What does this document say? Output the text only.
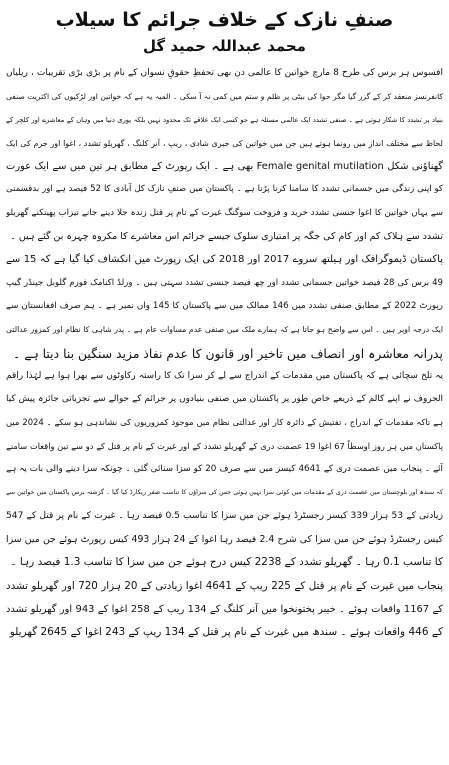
صنفِ نازک کے خلاف جرائم کا سیلاب
محمد عبداللہ حمید گل
افسوس ہر برس کی طرح 8 مارچ خواتین کا عالمی دن بھی تحفظِ حقوقِ نسواں کے نام پر بڑی بڑی تقریبات ، ریلیاں
کانفرنسز منعقد کر کے گزر گیا مگر حوا کی بیٹی پر ظلم و ستم میں کمی نہ آ سکی ۔ المیہ یہ ہے کہ خواتین اور لڑکیوں کی اکثریت صنفی
بنیاد پر تشدد کا شکار ہوتی ہے ۔ صنفی تشدد ایک عالمی مسئلہ ہے جو کسی ایک علاقے تک محدود نہیں بلکہ پوری دنیا میں وہاں کے معاشرے اور کلچر کے
لحاظ سے مختلف انداز میں رونما ہوتے ہیں جن میں خواتین کی جبری شادی ، ریپ ، آنر کلنگ ، گھریلو تشدد ، اغوا اور جرم کی ایک
گھناؤنی شکل Female genital mutilation بھی ہے ۔ ایک رپورٹ کے مطابق ہر تین میں سے ایک عورت
کو اپنی زندگی میں جسمانی تشدد کا سامنا کرنا پڑتا ہے ۔ پاکستان میں صنفِ نازک کل آبادی کا 52 فیصد ہے اور بدقسمتی
سے یہاں خواتین کا اغوا جنسی تشدد خرید و فروخت سوگنگ غیرت کے نام پر قتل زندہ جلا دینے جانے تیزاب پھینکنے گھریلو
تشدد سے ہلاک کم اور کام کی جگہ پر امتیازی سلوک جیسے جرائم اس معاشرے کا مکروہ چہرہ بن گئے ہیں ۔
پاکستان ڈیموگرافک اور ہیلتھ سروے 2017 اور 2018 کی ایک رپورٹ میں انکشاف کیا گیا ہے کہ 15 سے
49 برس کی 28 فیصد خواتین جسمانی تشدد اور چھ فیصد جنسی تشدد سہتی ہیں ۔ ورلڈ اکنامک فورم گلوبل جینڈر گیپ
رپورٹ 2022 کے مطابق صنفی تشدد میں 146 ممالک میں سے پاکستان کا 145 واں نمبر ہے ۔ ہم صرف افغانستان سے
ایک درجہ اوپر ہیں ۔ اس سے واضح ہو جاتا ہے کہ ہمارے ملک میں صنفی عدم مساوات عام ہے ۔ پدر شاہی کا نظام اور کمزور عدالتی
پدرانہ معاشرہ اور انصاف میں تاخیر اور قانون کا عدم نفاذ مزید سنگین بنا دیتا ہے ۔
یہ تلخ سچائی ہے کہ پاکستان میں مقدمات کے اندراج سے لے کر سزا تک کا راستہ رکاوٹوں سے بھرا ہوا ہے لہٰذا راقم
الحروف نے اپنے کالم کے ذریعے خاص طور پر پاکستان میں صنفی بنیادوں پر جرائم کے حوالے سے تجزیاتی جائزہ پیش کیا
ہے تاکہ مقدمات کے اندراج ، تفتیش کے دائرہ کار اور عدالتی نظام میں موجود کمزوریوں کی نشاندہی ہو سکے ۔ 2024 میں
پاکستان میں ہر روز اوسطاً 67 اغوا 19 عصمت دری کے گھریلو تشدد کے اور غیرت کے نام پر قتل کے دو سے تین واقعات سامنے
آئے ۔ پنجاب میں عصمت دری کے 4641 کیسز میں سے صرف 20 کو سزا سنائی گئی ۔ چونکہ سزا دینے والی بات یہ ہے
کہ سندھ اور بلوچستان میں عصمت دری کے مقدمات میں کوئی سزا نہیں ہوئی جس کی سزاؤں کا تناسب صفر ریکارڈ کیا گیا ۔ گزشتہ برس پاکستان میں خواتین سے
زیادتی کے 53 ہزار 339 کیسز رجسٹرڈ ہوئے جن میں سزا کا تناسب 0.5 فیصد رہا ۔ غیرت کے نام پر قتل کے 547
کیس رجسٹرڈ ہوئے جن میں سزا کی شرح 2.4 فیصد رہا اغوا کے 24 ہزار 493 کیس رپورٹ ہوئے جن میں سزا
کا تناسب 0.1 رہا ۔ گھریلو تشدد کے 2238 کیس درج ہوئے جن میں سزا کا تناسب 1.3 فیصد رہا ۔
پنجاب میں غیرت کے نام پر قتل کے 225 ریپ کے 4641 اغوا زیادتی کے 20 ہزار 720 اور گھریلو تشدد
کے 1167 واقعات ہوئے ۔ خیبر پختونخوا میں آنر کلنگ کے 134 ریپ کے 258 اغوا کے 943 اور گھریلو تشدد
کے 446 واقعات ہوئے ۔ سندھ میں غیرت کے نام پر قتل کے 134 ریپ کے 243 اغوا کے 2645 گھریلو
